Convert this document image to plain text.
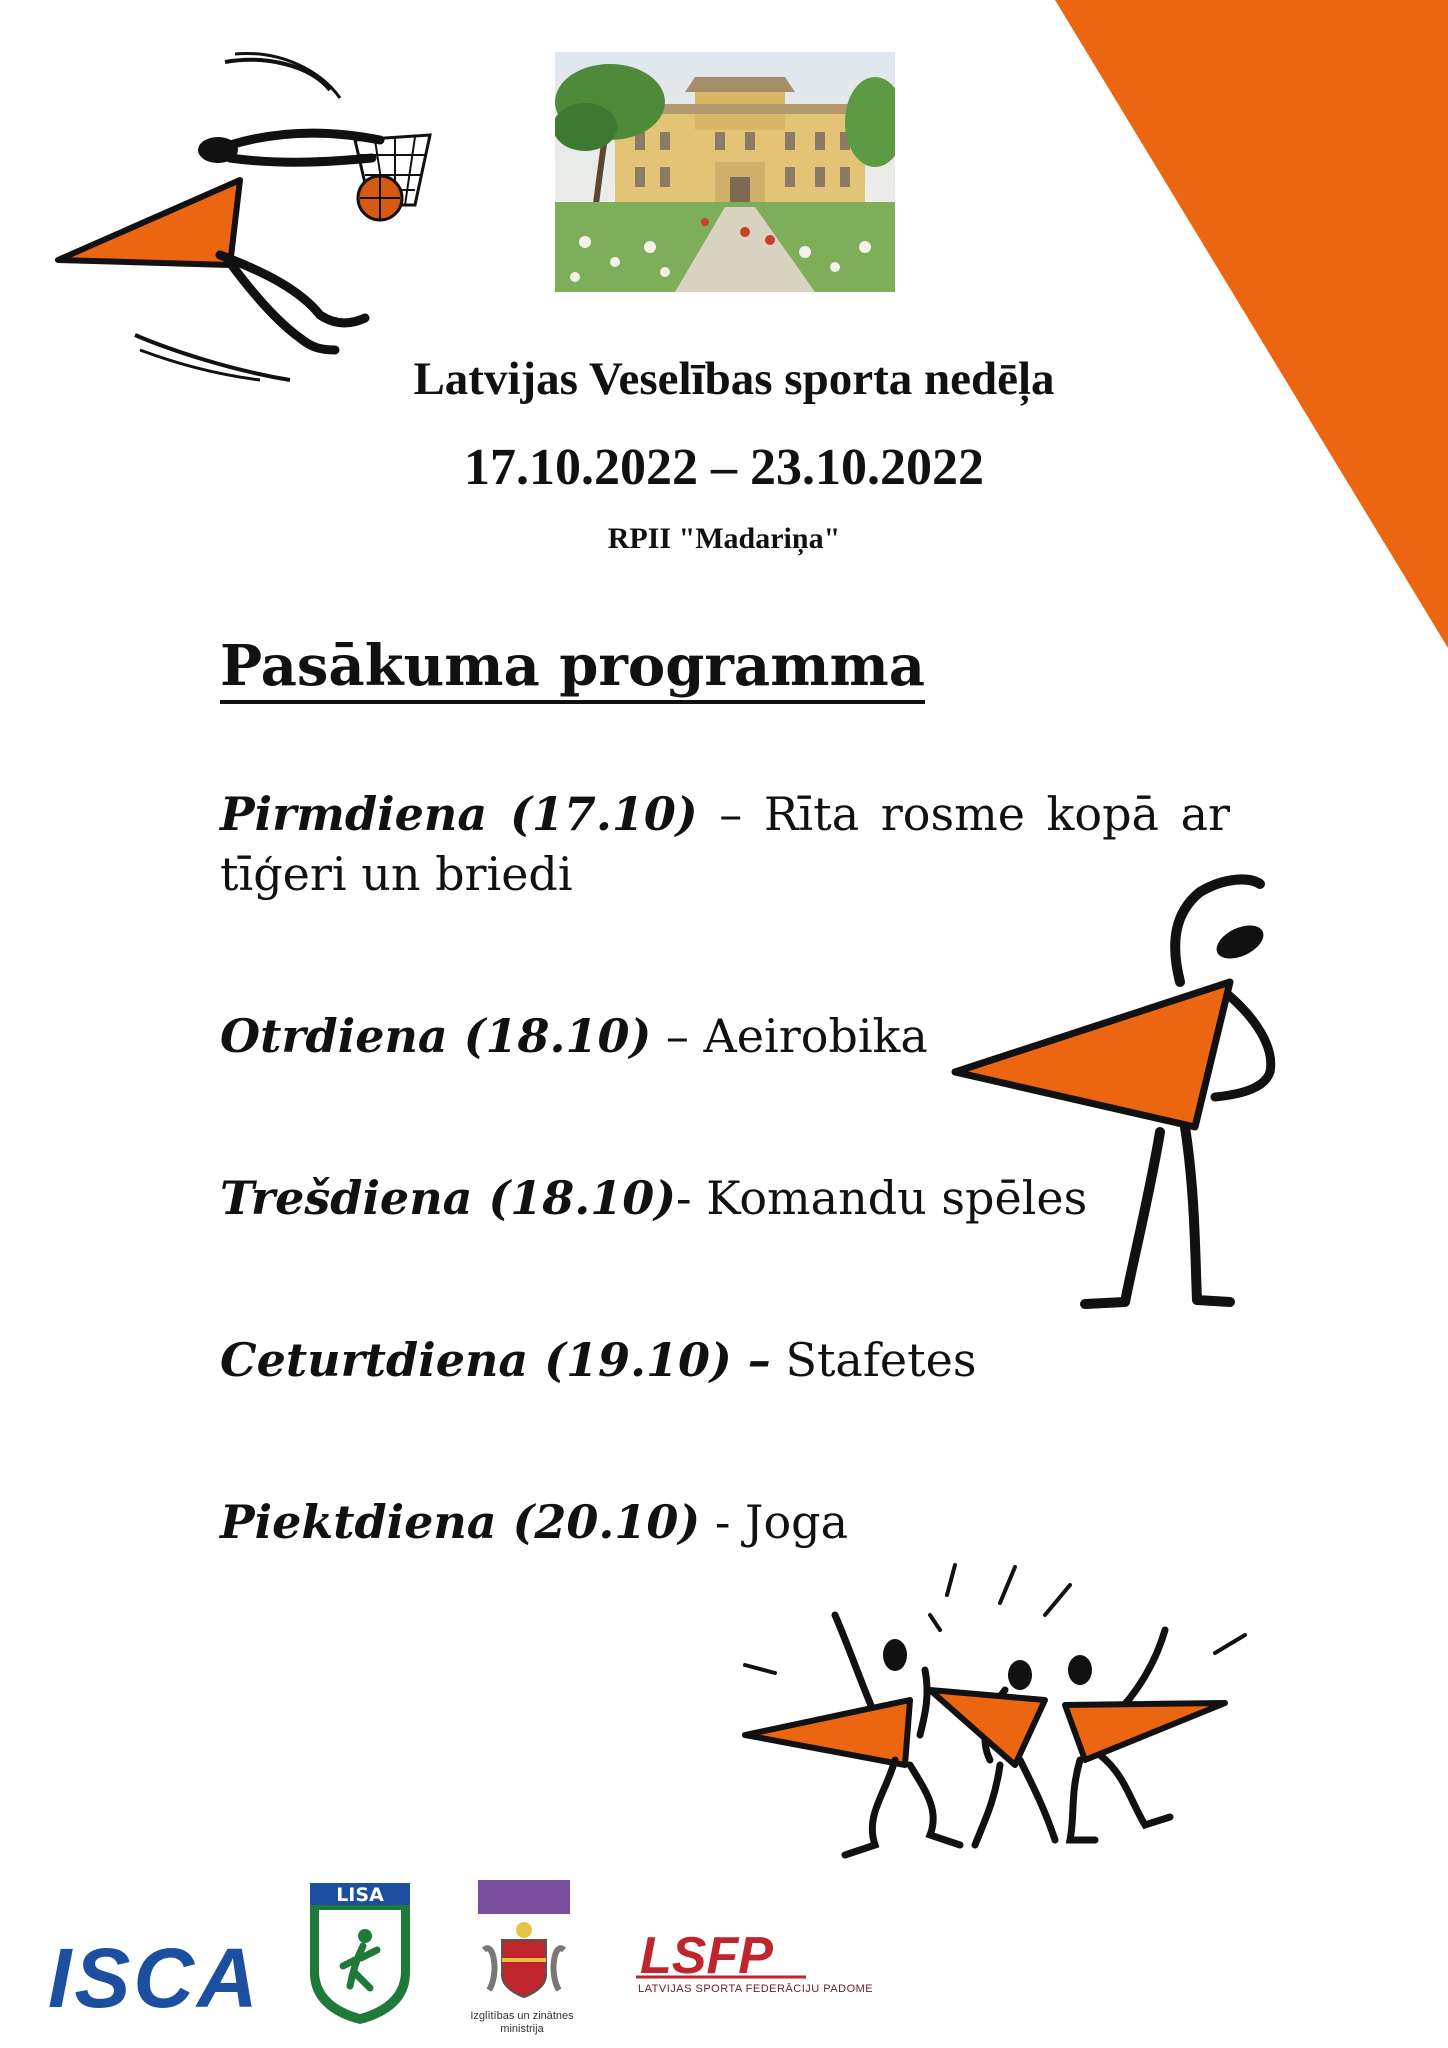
Latvijas Veselības sporta nedēļa
17.10.2022 – 23.10.2022
RPII "Madariņa"
Pasākuma programma
Pirmdiena (17.10) – Rīta rosme kopā ar tīģeri un briedi
Otrdiena (18.10) – Aeirobika
Trešdiena (18.10)- Komandu spēles
Ceturtdiena (19.10) – Stafetes
Piektdiena (20.10) - Joga
ISCA
LISA
Izglītības un zinātnes ministrija
LSFP
LATVIJAS SPORTA FEDERĀCIJU PADOME
